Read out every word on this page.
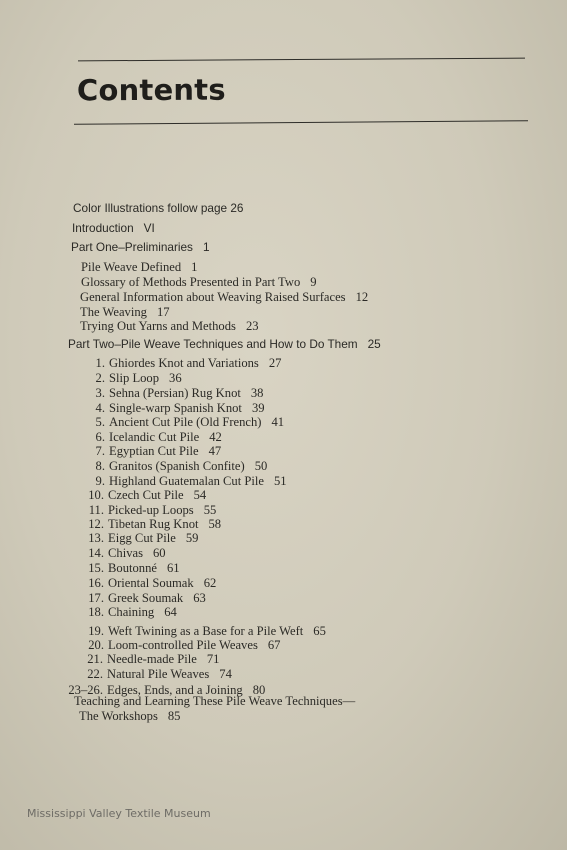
Contents
Color Illustrations follow page 26
Introduction VI
Part One–Preliminaries 1
Pile Weave Defined 1
Glossary of Methods Presented in Part Two 9
General Information about Weaving Raised Surfaces 12
The Weaving 17
Trying Out Yarns and Methods 23
Part Two–Pile Weave Techniques and How to Do Them 25
1. Ghiordes Knot and Variations 27
2. Slip Loop 36
3. Sehna (Persian) Rug Knot 38
4. Single-warp Spanish Knot 39
5. Ancient Cut Pile (Old French) 41
6. Icelandic Cut Pile 42
7. Egyptian Cut Pile 47
8. Granitos (Spanish Confite) 50
9. Highland Guatemalan Cut Pile 51
10. Czech Cut Pile 54
11. Picked-up Loops 55
12. Tibetan Rug Knot 58
13. Eigg Cut Pile 59
14. Chivas 60
15. Boutonné 61
16. Oriental Soumak 62
17. Greek Soumak 63
18. Chaining 64
19. Weft Twining as a Base for a Pile Weft 65
20. Loom-controlled Pile Weaves 67
21. Needle-made Pile 71
22. Natural Pile Weaves 74
23–26. Edges, Ends, and a Joining 80
Teaching and Learning These Pile Weave Techniques—
The Workshops 85
Mississippi Valley Textile Museum
